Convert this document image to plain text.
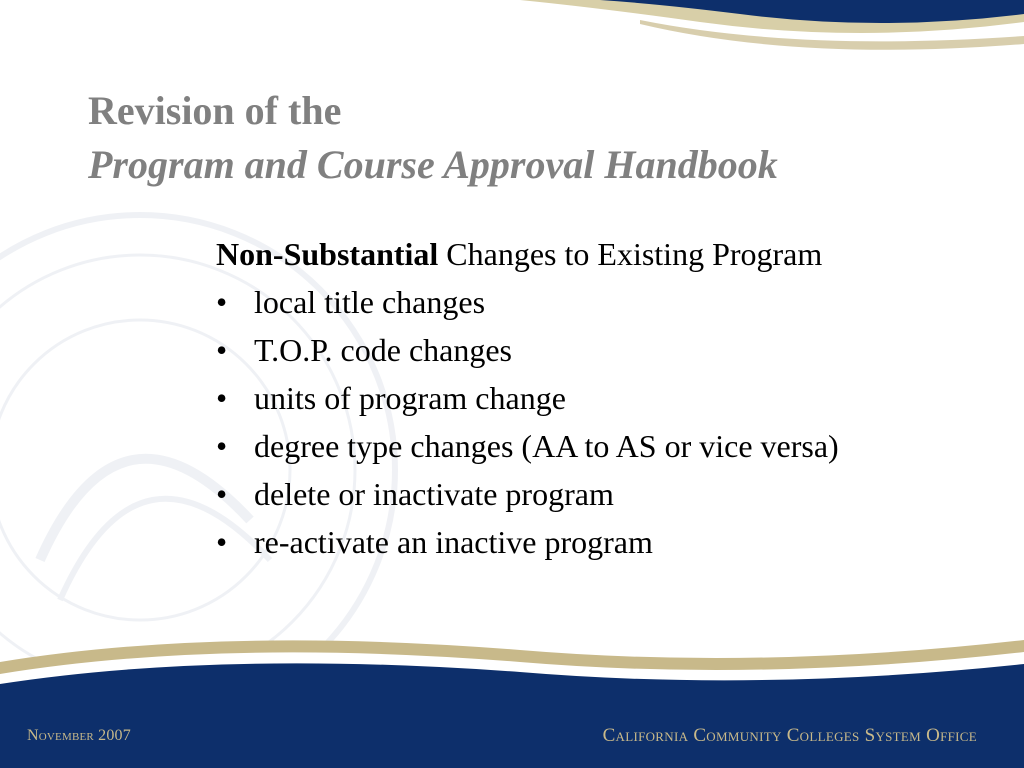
Revision of the
Program and Course Approval Handbook
Non-Substantial Changes to Existing Program
• local title changes
• T.O.P. code changes
• units of program change
• degree type changes (AA to AS or vice versa)
• delete or inactivate program
• re-activate an inactive program
November 2007	California Community Colleges System Office
